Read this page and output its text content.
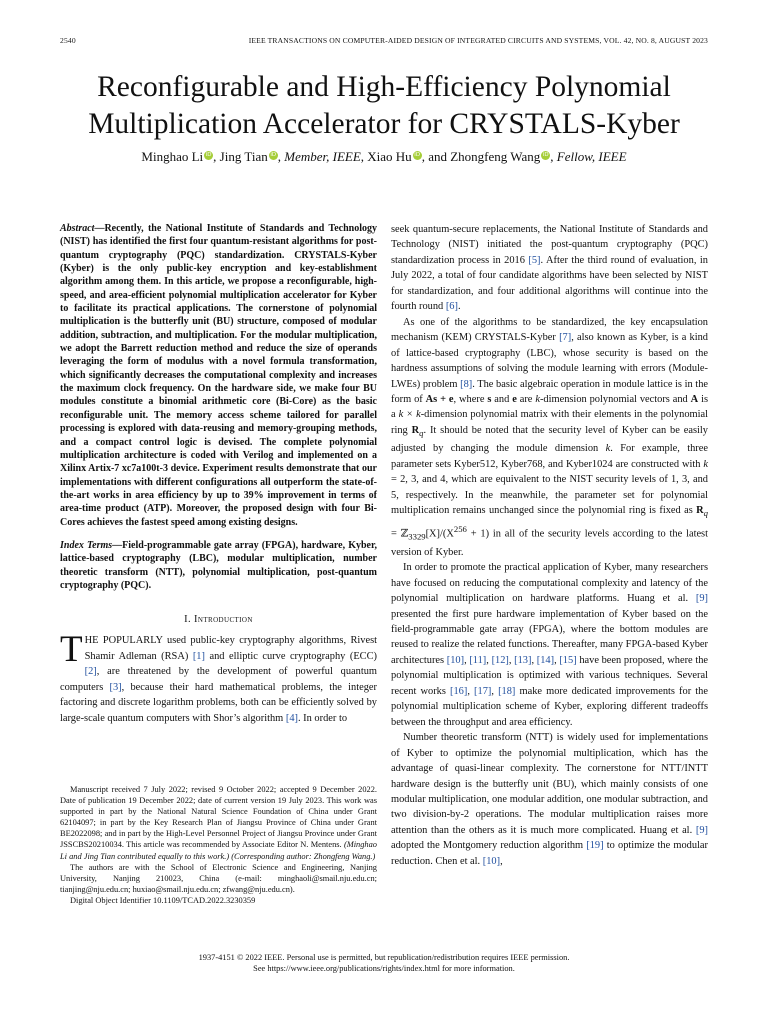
2540	IEEE TRANSACTIONS ON COMPUTER-AIDED DESIGN OF INTEGRATED CIRCUITS AND SYSTEMS, VOL. 42, NO. 8, AUGUST 2023
Reconfigurable and High-Efficiency Polynomial
Multiplication Accelerator for CRYSTALS-Kyber
Minghao Li iD , Jing Tian iD , Member, IEEE, Xiao Hu iD , and Zhongfeng Wang iD , Fellow, IEEE

Abstract—Recently, the National Institute of Standards and Technology (NIST) has identified the first four quantum-resistant algorithms for post-quantum cryptography (PQC) standardization. CRYSTALS-Kyber (Kyber) is the only public-key encryption and key-establishment algorithm among them. In this article, we propose a reconfigurable, high-speed, and area-efficient polynomial multiplication accelerator for Kyber to facilitate its practical applications. The cornerstone of polynomial multiplication is the butterfly unit (BU) structure, composed of modular addition, subtraction, and multiplication. For the modular multiplication, we adopt the Barrett reduction method and reduce the size of operands leveraging the form of modulus with a novel formula transformation, which significantly decreases the computational complexity and increases the maximum clock frequency. On the hardware side, we make four BU modules constitute a binomial arithmetic core (Bi-Core) as the basic reconfigurable unit. The memory access scheme tailored for parallel processing is explored with data-reusing and memory-grouping methods, and a compact control logic is devised. The complete polynomial multiplication architecture is coded with Verilog and implemented on a Xilinx Artix-7 xc7a100t-3 device. Experiment results demonstrate that our implementations with different configurations all outperform the state-of-the-art works in area efficiency by up to 39% improvement in terms of area-time product (ATP). Moreover, the proposed design with four Bi-Cores achieves the fastest speed among existing designs.

Index Terms—Field-programmable gate array (FPGA), hardware, Kyber, lattice-based cryptography (LBC), modular multiplication, number theoretic transform (NTT), polynomial multiplication, post-quantum cryptography (PQC).

I. Introduction

THE POPULARLY used public-key cryptography algorithms, Rivest Shamir Adleman (RSA) [1] and elliptic curve cryptography (ECC) [2], are threatened by the development of powerful quantum computers [3], because their hard mathematical problems, the integer factoring and discrete logarithm problems, both can be efficiently solved by large-scale quantum computers with Shor’s algorithm [4]. In order to

Manuscript received 7 July 2022; revised 9 October 2022; accepted 9 December 2022. Date of publication 19 December 2022; date of current version 19 July 2023. This work was supported in part by the National Natural Science Foundation of China under Grant 62104097; in part by the Key Research Plan of Jiangsu Province of China under Grant BE2022098; and in part by the High-Level Personnel Project of Jiangsu Province under Grant JSSCBS20210034. This article was recommended by Associate Editor N. Mentens. (Minghao Li and Jing Tian contributed equally to this work.) (Corresponding author: Zhongfeng Wang.)

The authors are with the School of Electronic Science and Engineering, Nanjing University, Nanjing 210023, China (e-mail: minghaoli@smail.nju.edu.cn; tianjing@nju.edu.cn; huxiao@smail.nju.edu.cn; zfwang@nju.edu.cn).

Digital Object Identifier 10.1109/TCAD.2022.3230359

seek quantum-secure replacements, the National Institute of Standards and Technology (NIST) initiated the post-quantum cryptography (PQC) standardization process in 2016 [5]. After the third round of evaluation, in July 2022, a total of four candidate algorithms have been selected by NIST for standardization, and four additional algorithms will continue into the fourth round [6].

As one of the algorithms to be standardized, the key encapsulation mechanism (KEM) CRYSTALS-Kyber [7], also known as Kyber, is a kind of lattice-based cryptography (LBC), whose security is based on the hardness assumptions of solving the module learning with errors (Module-LWEs) problem [8]. The basic algebraic operation in module lattice is in the form of As + e, where s and e are k-dimension polynomial vectors and A is a k × k-dimension polynomial matrix with their elements in the polynomial ring $R_q$. It should be noted that the security level of Kyber can be easily adjusted by changing the module dimension k. For example, three parameter sets Kyber512, Kyber768, and Kyber1024 are constructed with k = 2, 3, and 4, which are equivalent to the NIST security levels of 1, 3, and 5, respectively. In the meanwhile, the parameter set for polynomial multiplication remains unchanged since the polynomial ring is fixed as $R_q$ = $ℤ_{3329}[X]/(X^{256} + 1)$ in all of the security levels according to the latest version of Kyber.

In order to promote the practical application of Kyber, many researchers have focused on reducing the computational complexity and latency of the polynomial multiplication on hardware platforms. Huang et al. [9] presented the first pure hardware implementation of Kyber based on the field-programmable gate array (FPGA), where the bottom modules are reused to realize the related functions. Thereafter, many FPGA-based Kyber architectures [10], [11], [12], [13], [14], [15] have been proposed, where the polynomial multiplication is optimized with various techniques. Several recent works [16], [17], [18] make more dedicated improvements for the polynomial multiplication scheme of Kyber, exploring different tradeoffs between the throughput and area efficiency.

Number theoretic transform (NTT) is widely used for implementations of Kyber to optimize the polynomial multiplication, which has the advantage of quasi-linear complexity. The cornerstone for NTT/INTT hardware design is the butterfly unit (BU), which mainly consists of one modular multiplication, one modular addition, one modular subtraction, and two division-by-2 operations. The modular multiplication raises more attention than the others as it is much more complicated. Huang et al. [9] adopted the Montgomery reduction algorithm [19] to optimize the modular reduction. Chen et al. [10],

1937-4151 © 2022 IEEE. Personal use is permitted, but republication/redistribution requires IEEE permission.
See https://www.ieee.org/publications/rights/index.html for more information.
